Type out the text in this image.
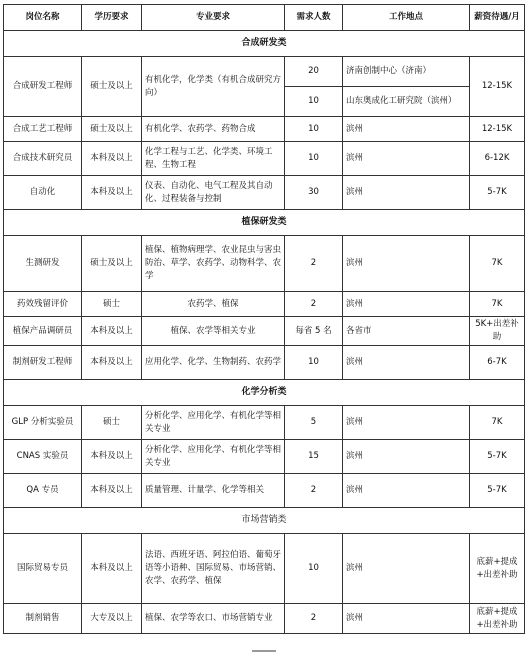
岗位名称	学历要求	专业要求	需求人数	工作地点	薪资待遇/月
合成研发类					
合成研发工程师	硕士及以上	有机化学，化学类（有机合成研究方向）	20	济南创制中心（济南）	12-15K
			10	山东奥成化工研究院（滨州）	
合成工艺工程师	硕士及以上	有机化学、农药学、药物合成	10	滨州	12-15K
合成技术研究员	本科及以上	化学工程与工艺、化学类、环境工程、生物工程	10	滨州	6-12K
自动化	本科及以上	仪表、自动化、电气工程及其自动化、过程装备与控制	30	滨州	5-7K
植保研发类					
生测研发	硕士及以上	植保、植物病理学、农业昆虫与害虫防治、草学、农药学、动物科学、农学	2	滨州	7K
药效残留评价	硕士	农药学、植保	2	滨州	7K
植保产品调研员	本科及以上	植保、农学等相关专业	每省 5 名	各省市	5K+出差补助
制剂研发工程师	本科及以上	应用化学、化学、生物制药、农药学	10	滨州	6-7K
化学分析类					
GLP 分析实验员	硕士	分析化学、应用化学、有机化学等相关专业	5	滨州	7K
CNAS 实验员	本科及以上	分析化学、应用化学、有机化学等相关专业	15	滨州	5-7K
QA 专员	本科及以上	质量管理、计量学、化学等相关	2	滨州	5-7K
市场营销类					
国际贸易专员	本科及以上	法语、西班牙语、阿拉伯语、葡萄牙语等小语种、国际贸易、市场营销、农学、农药学、植保	10	滨州	底薪+提成+出差补助
制剂销售	大专及以上	植保、农学等农口、市场营销专业	2	滨州	底薪+提成+出差补助
